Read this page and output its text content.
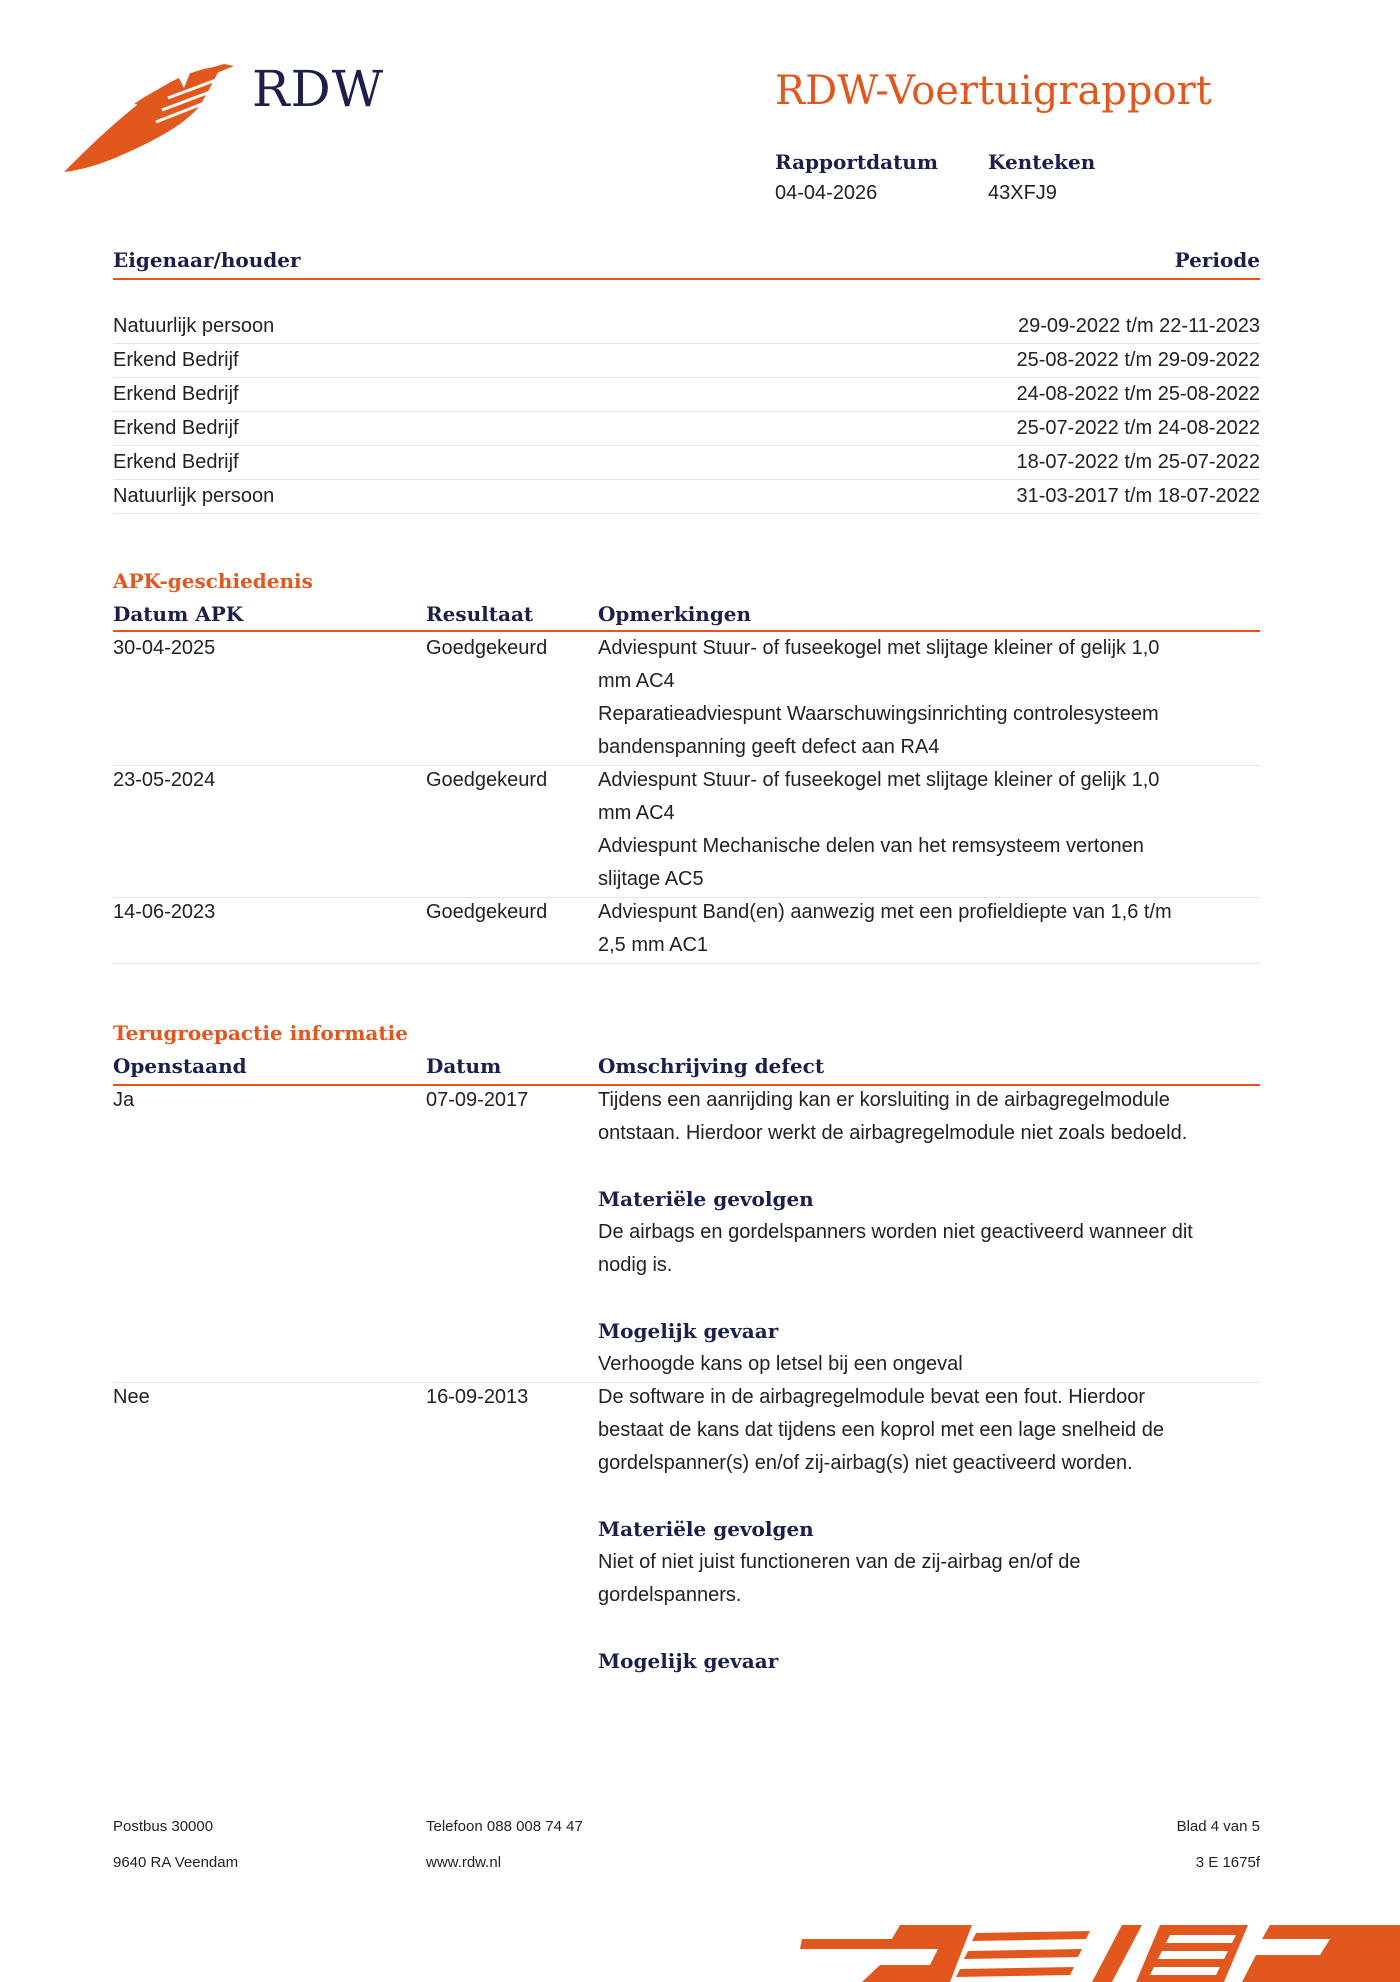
RDW	RDW-Voertuigrapport
Rapportdatum
04-04-2026
Kenteken
43XFJ9
Eigenaar/houder	Periode
Natuurlijk persoon	29-09-2022 t/m 22-11-2023
Erkend Bedrijf	25-08-2022 t/m 29-09-2022
Erkend Bedrijf	24-08-2022 t/m 25-08-2022
Erkend Bedrijf	25-07-2022 t/m 24-08-2022
Erkend Bedrijf	18-07-2022 t/m 25-07-2022
Natuurlijk persoon	31-03-2017 t/m 18-07-2022
APK-geschiedenis
Datum APK	Resultaat	Opmerkingen
30-04-2025	Goedgekeurd	Adviespunt Stuur- of fuseekogel met slijtage kleiner of gelijk 1,0
mm AC4
Reparatieadviespunt Waarschuwingsinrichting controlesysteem
bandenspanning geeft defect aan RA4
23-05-2024	Goedgekeurd	Adviespunt Stuur- of fuseekogel met slijtage kleiner of gelijk 1,0
mm AC4
Adviespunt Mechanische delen van het remsysteem vertonen
slijtage AC5
14-06-2023	Goedgekeurd	Adviespunt Band(en) aanwezig met een profieldiepte van 1,6 t/m
2,5 mm AC1
Terugroepactie informatie
Openstaand	Datum	Omschrijving defect
Ja	07-09-2017	Tijdens een aanrijding kan er korsluiting in de airbagregelmodule
ontstaan. Hierdoor werkt de airbagregelmodule niet zoals bedoeld.
Materiële gevolgen
De airbags en gordelspanners worden niet geactiveerd wanneer dit
nodig is.
Mogelijk gevaar
Verhoogde kans op letsel bij een ongeval
Nee	16-09-2013	De software in de airbagregelmodule bevat een fout. Hierdoor
bestaat de kans dat tijdens een koprol met een lage snelheid de
gordelspanner(s) en/of zij-airbag(s) niet geactiveerd worden.
Materiële gevolgen
Niet of niet juist functioneren van de zij-airbag en/of de
gordelspanners.
Mogelijk gevaar
Postbus 30000
9640 RA Veendam
Telefoon 088 008 74 47
www.rdw.nl
Blad 4 van 5
3 E 1675f
